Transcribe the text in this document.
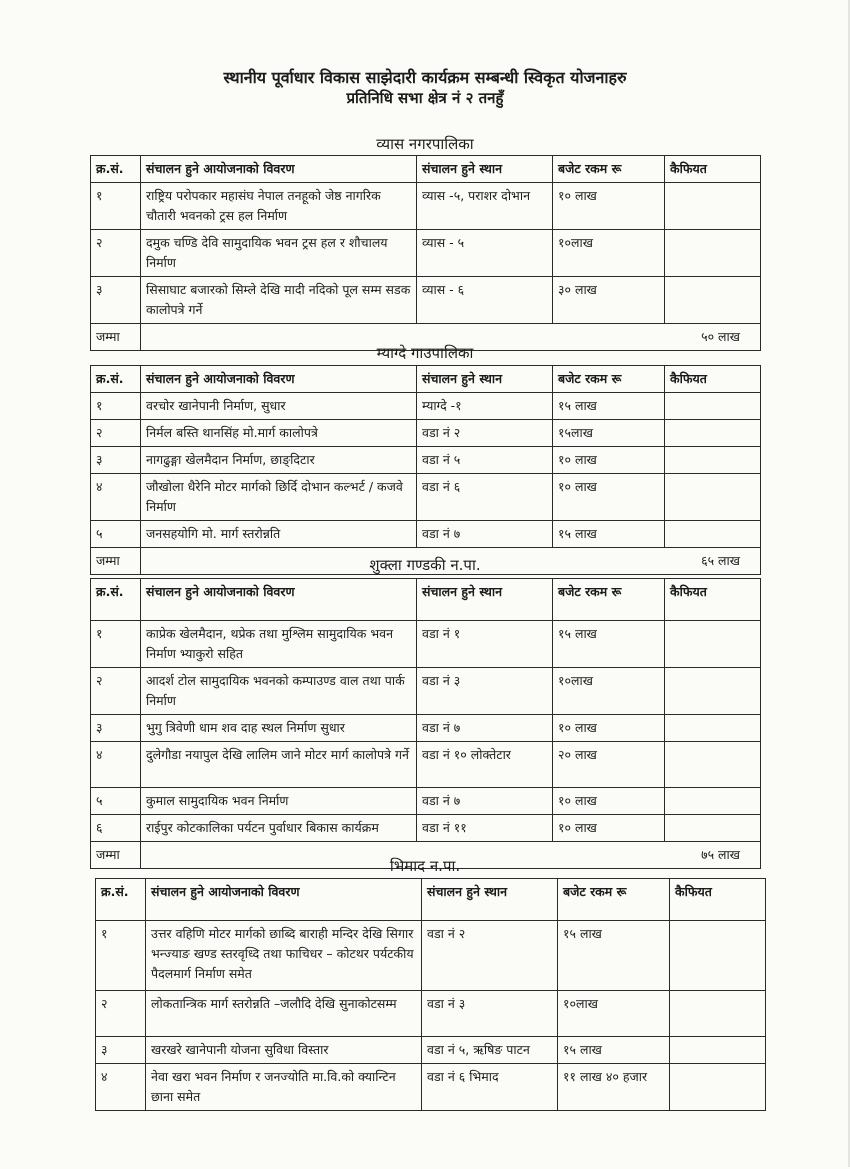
स्थानीय पूर्वाधार विकास साझेदारी कार्यक्रम सम्बन्धी स्विकृत योजनाहरु
प्रतिनिधि सभा क्षेत्र नं २ तनहुँ
व्यास नगरपालिका
क्र.सं.	संचालन हुने आयोजनाको विवरण	संचालन हुने स्थान	बजेट रकम रू	कैफियत
१	राष्ट्रिय परोपकार महासंघ नेपाल तनहूको जेष्ठ नागरिक चौतारी भवनको ट्रस हल निर्माण	व्यास -५, पराशर दोभान	१० लाख	
२	दमुक चण्डि देवि सामुदायिक भवन ट्रस हल र शौचालय निर्माण	व्यास - ५	१०लाख	
३	सिसाघाट बजारको सिम्ले देखि मादी नदिको पूल सम्म सडक कालोपत्रे गर्ने	व्यास - ६	३० लाख	
जम्मा	५० लाख			
म्याग्दे गाउपालिका
क्र.सं.	संचालन हुने आयोजनाको विवरण	संचालन हुने स्थान	बजेट रकम रू	कैफियत
१	वरचोर खानेपानी निर्माण, सुधार	म्याग्दे -१	१५ लाख	
२	निर्मल बस्ति थानसिंह मो.मार्ग कालोपत्रे	वडा नं २	१५लाख	
३	नागढुङ्गा खेलमैदान निर्माण, छाङ्दिटार	वडा नं ५	१० लाख	
४	जौखोला धैरेनि मोटर मार्गको छिर्दि दोभान कल्भर्ट / कजवे निर्माण	वडा नं ६	१० लाख	
५	जनसहयोगि मो. मार्ग स्तरोन्नति	वडा नं ७	१५ लाख	
जम्मा	६५ लाख			
शुक्ला गण्डकी न.पा.
क्र.सं.	संचालन हुने आयोजनाको विवरण	संचालन हुने स्थान	बजेट रकम रू	कैफियत
१	काप्रेक खेलमैदान, थप्रेक तथा मुश्लिम सामुदायिक भवन निर्माण भ्याकुरो सहित	वडा नं १	१५ लाख	
२	आदर्श टोल सामुदायिक भवनको कम्पाउण्ड वाल तथा पार्क निर्माण	वडा नं ३	१०लाख	
३	भुगु त्रिवेणी धाम शव दाह स्थल निर्माण सुधार	वडा नं ७	१० लाख	
४	दुलेगौडा नयापुल देखि लालिम जाने मोटर मार्ग कालोपत्रे गर्ने	वडा नं १० लोक्तेटार	२० लाख	
५	कुमाल सामुदायिक भवन निर्माण	वडा नं ७	१० लाख	
६	राईपुर कोटकालिका पर्यटन पुर्वाधार बिकास कार्यक्रम	वडा नं ११	१० लाख	
जम्मा	७५ लाख			
भिमाद न.पा.
क्र.सं.	संचालन हुने आयोजनाको विवरण	संचालन हुने स्थान	बजेट रकम रू	कैफियत
१	उत्तर वहिणि मोटर मार्गको छाब्दि बाराही मन्दिर देखि सिगार भन्ज्याङ खण्ड स्तरवृध्दि तथा फाचिधर – कोटथर पर्यटकीय पैदलमार्ग निर्माण समेत	वडा नं २	१५ लाख	
२	लोकतान्त्रिक मार्ग स्तरोन्नति –जलौदि देखि सुनाकोटसम्म	वडा नं ३	१०लाख	
३	खरखरे खानेपानी योजना सुविधा विस्तार	वडा नं ५, ऋषिङ पाटन	१५ लाख	
४	नेवा खरा भवन निर्माण र जनज्योति मा.वि.को क्यान्टिन छाना समेत	वडा नं ६ भिमाद	११ लाख ४० हजार	
